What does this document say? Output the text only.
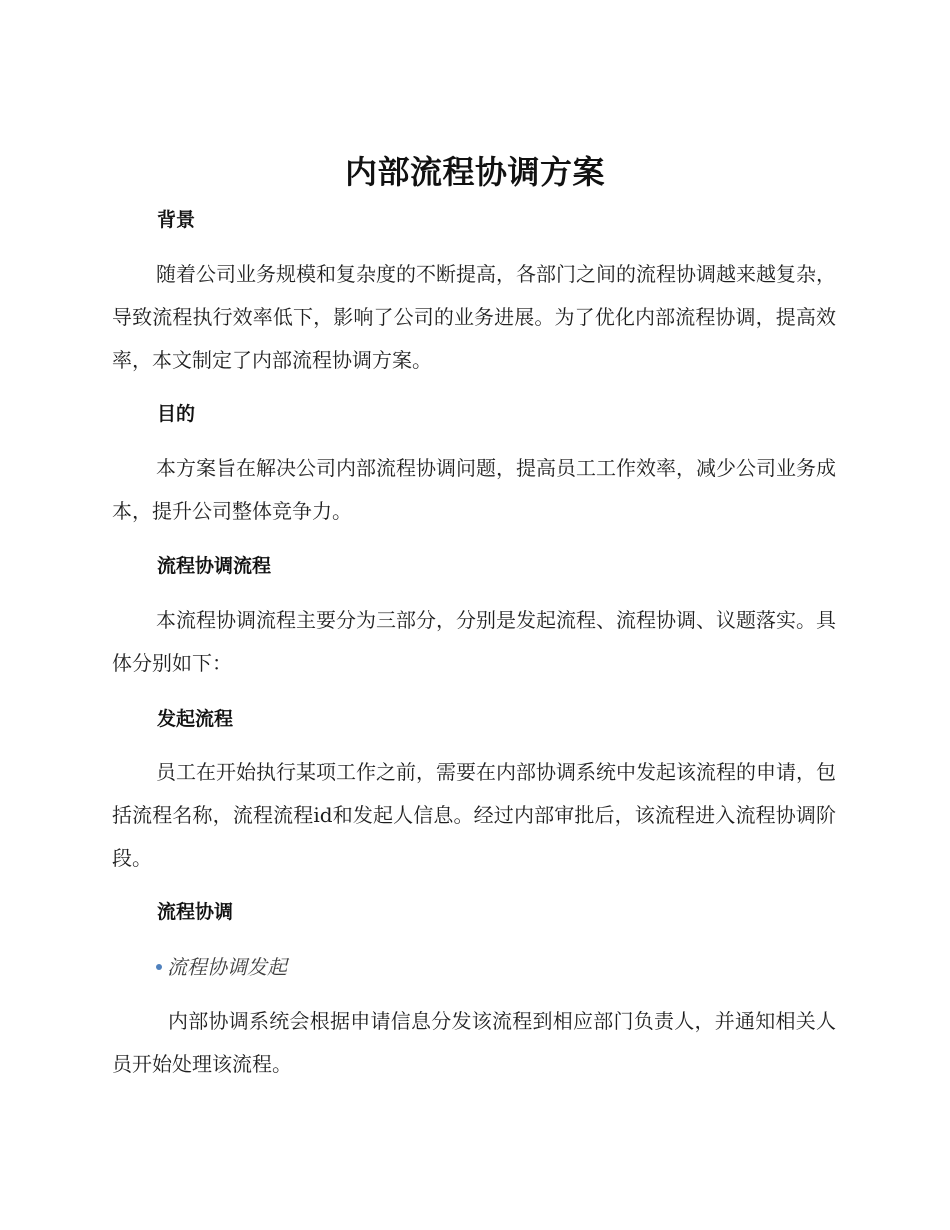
内部流程协调方案
背景
随着公司业务规模和复杂度的不断提高，各部门之间的流程协调越来越复杂，导致流程执行效率低下，影响了公司的业务进展。为了优化内部流程协调，提高效率，本文制定了内部流程协调方案。
目的
本方案旨在解决公司内部流程协调问题，提高员工工作效率，减少公司业务成本，提升公司整体竞争力。
流程协调流程
本流程协调流程主要分为三部分，分别是发起流程、流程协调、议题落实。具体分别如下：
发起流程
员工在开始执行某项工作之前，需要在内部协调系统中发起该流程的申请，包括流程名称，流程流程id和发起人信息。经过内部审批后，该流程进入流程协调阶段。
流程协调
流程协调发起
内部协调系统会根据申请信息分发该流程到相应部门负责人，并通知相关人员开始处理该流程。
